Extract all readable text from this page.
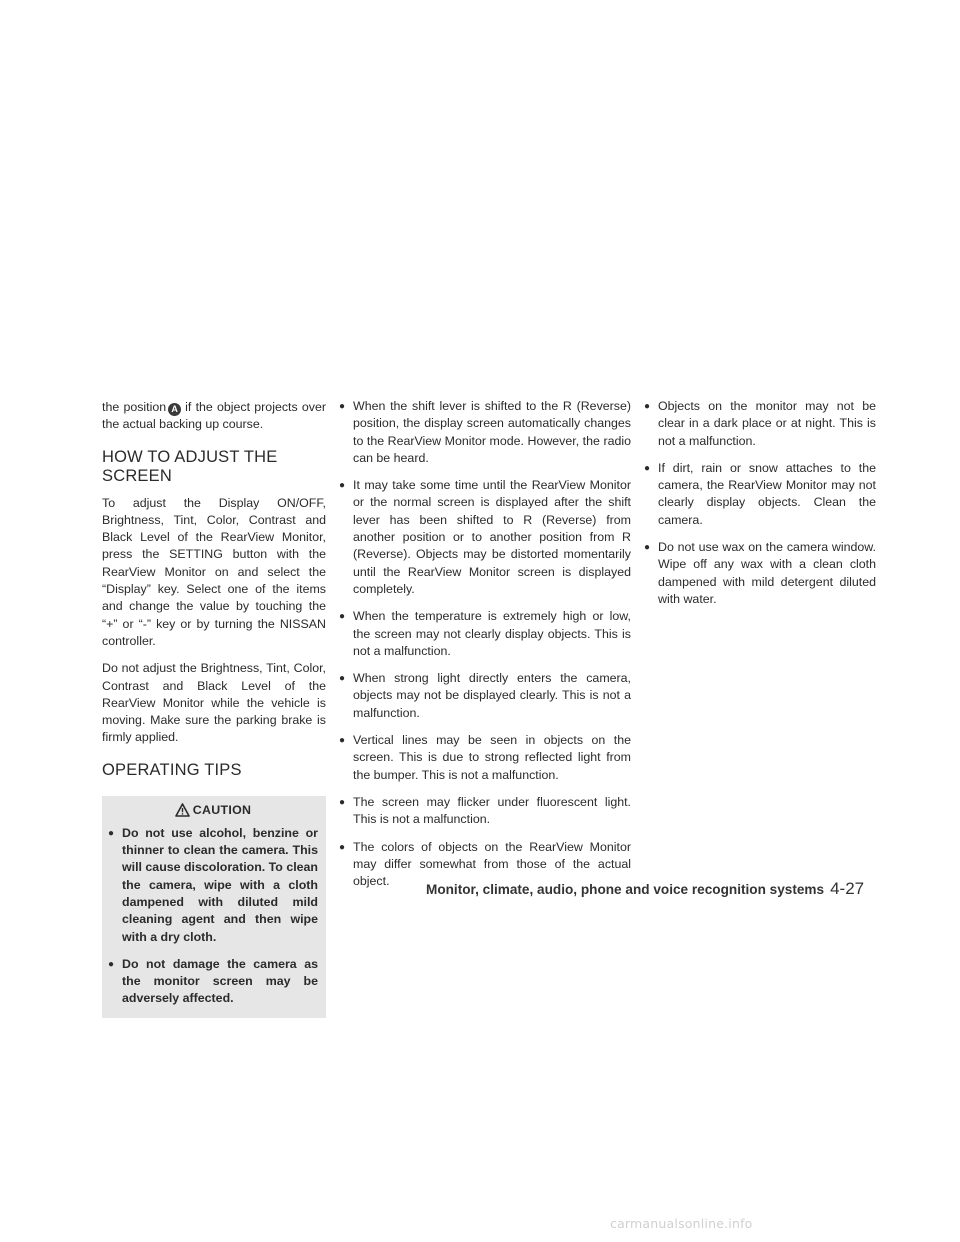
the position A if the object projects over the actual backing up course.

HOW TO ADJUST THE SCREEN

To adjust the Display ON/OFF, Brightness, Tint, Color, Contrast and Black Level of the RearView Monitor, press the SETTING button with the RearView Monitor on and select the “Display” key. Select one of the items and change the value by touching the “+” or “-” key or by turning the NISSAN controller.

Do not adjust the Brightness, Tint, Color, Contrast and Black Level of the RearView Monitor while the vehicle is moving. Make sure the parking brake is firmly applied.

OPERATING TIPS
CAUTION
● Do not use alcohol, benzine or thinner to clean the camera. This will cause discoloration. To clean the camera, wipe with a cloth dampened with diluted mild cleaning agent and then wipe with a dry cloth.
● Do not damage the camera as the monitor screen may be adversely affected.
● When the shift lever is shifted to the R (Reverse) position, the display screen automatically changes to the RearView Monitor mode. However, the radio can be heard.
● It may take some time until the RearView Monitor or the normal screen is displayed after the shift lever has been shifted to R (Reverse) from another position or to another position from R (Reverse). Objects may be distorted momentarily until the RearView Monitor screen is displayed completely.
● When the temperature is extremely high or low, the screen may not clearly display objects. This is not a malfunction.
● When strong light directly enters the camera, objects may not be displayed clearly. This is not a malfunction.
● Vertical lines may be seen in objects on the screen. This is due to strong reflected light from the bumper. This is not a malfunction.
● The screen may flicker under fluorescent light. This is not a malfunction.
● The colors of objects on the RearView Monitor may differ somewhat from those of the actual object.
● Objects on the monitor may not be clear in a dark place or at night. This is not a malfunction.
● If dirt, rain or snow attaches to the camera, the RearView Monitor may not clearly display objects. Clean the camera.
● Do not use wax on the camera window. Wipe off any wax with a clean cloth dampened with mild detergent diluted with water.
Monitor, climate, audio, phone and voice recognition systems 4-27
carmanualsonline.info
